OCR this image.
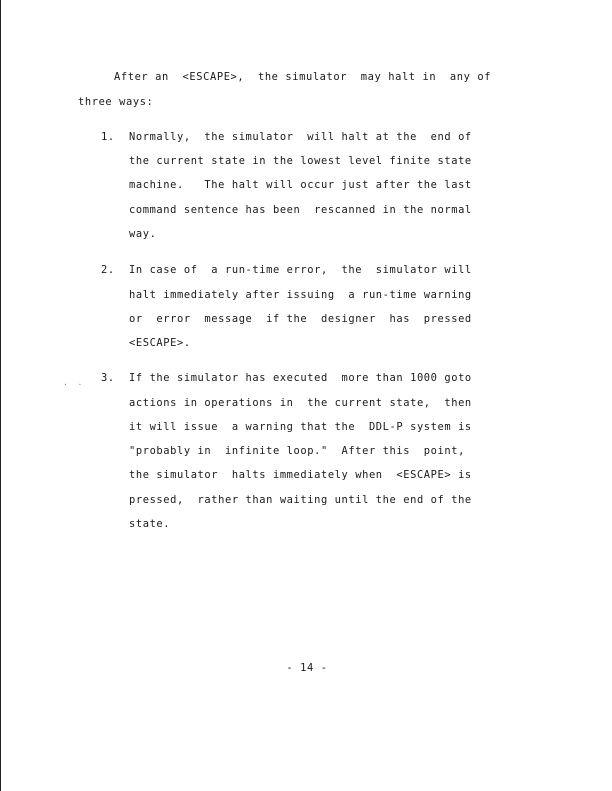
After an  <ESCAPE>,  the simulator  may halt in  any of
three ways:
1. Normally,  the simulator  will halt at the  end of
the current state in the lowest level finite state
machine.   The halt will occur just after the last
command sentence has been  rescanned in the normal
way.
2. In case of  a run-time error,  the  simulator will
halt immediately after issuing  a run-time warning
or  error  message  if the  designer  has  pressed
<ESCAPE>.
·  ·
3. If the simulator has executed  more than 1000 goto
actions in operations in  the current state,  then
it will issue  a warning that the  DDL-P system is
"probably in  infinite loop."  After this  point,
the simulator  halts immediately when  <ESCAPE> is
pressed,  rather than waiting until the end of the
state.
- 14 -
